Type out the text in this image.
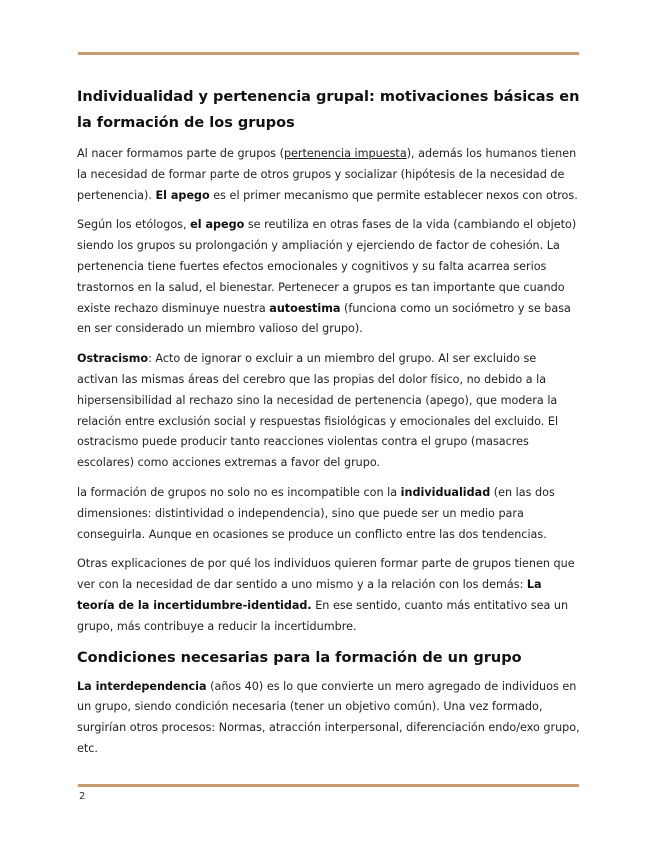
Individualidad y pertenencia grupal: motivaciones básicas en la formación de los grupos

Al nacer formamos parte de grupos (pertenencia impuesta), además los humanos tienen la necesidad de formar parte de otros grupos y socializar (hipótesis de la necesidad de pertenencia). El apego es el primer mecanismo que permite establecer nexos con otros.

Según los etólogos, el apego se reutiliza en otras fases de la vida (cambiando el objeto) siendo los grupos su prolongación y ampliación y ejerciendo de factor de cohesión. La pertenencia tiene fuertes efectos emocionales y cognitivos y su falta acarrea serios trastornos en la salud, el bienestar. Pertenecer a grupos es tan importante que cuando existe rechazo disminuye nuestra autoestima (funciona como un sociómetro y se basa en ser considerado un miembro valioso del grupo).

Ostracismo: Acto de ignorar o excluir a un miembro del grupo. Al ser excluido se activan las mismas áreas del cerebro que las propias del dolor físico, no debido a la hipersensibilidad al rechazo sino la necesidad de pertenencia (apego), que modera la relación entre exclusión social y respuestas fisiológicas y emocionales del excluido. El ostracismo puede producir tanto reacciones violentas contra el grupo (masacres escolares) como acciones extremas a favor del grupo.

la formación de grupos no solo no es incompatible con la individualidad (en las dos dimensiones: distintividad o independencia), sino que puede ser un medio para conseguirla. Aunque en ocasiones se produce un conflicto entre las dos tendencias.

Otras explicaciones de por qué los individuos quieren formar parte de grupos tienen que ver con la necesidad de dar sentido a uno mismo y a la relación con los demás: La teoría de la incertidumbre-identidad. En ese sentido, cuanto más entitativo sea un grupo, más contribuye a reducir la incertidumbre.

Condiciones necesarias para la formación de un grupo

La interdependencia (años 40) es lo que convierte un mero agregado de individuos en un grupo, siendo condición necesaria (tener un objetivo común). Una vez formado, surgirían otros procesos: Normas, atracción interpersonal, diferenciación endo/exo grupo, etc.

2
